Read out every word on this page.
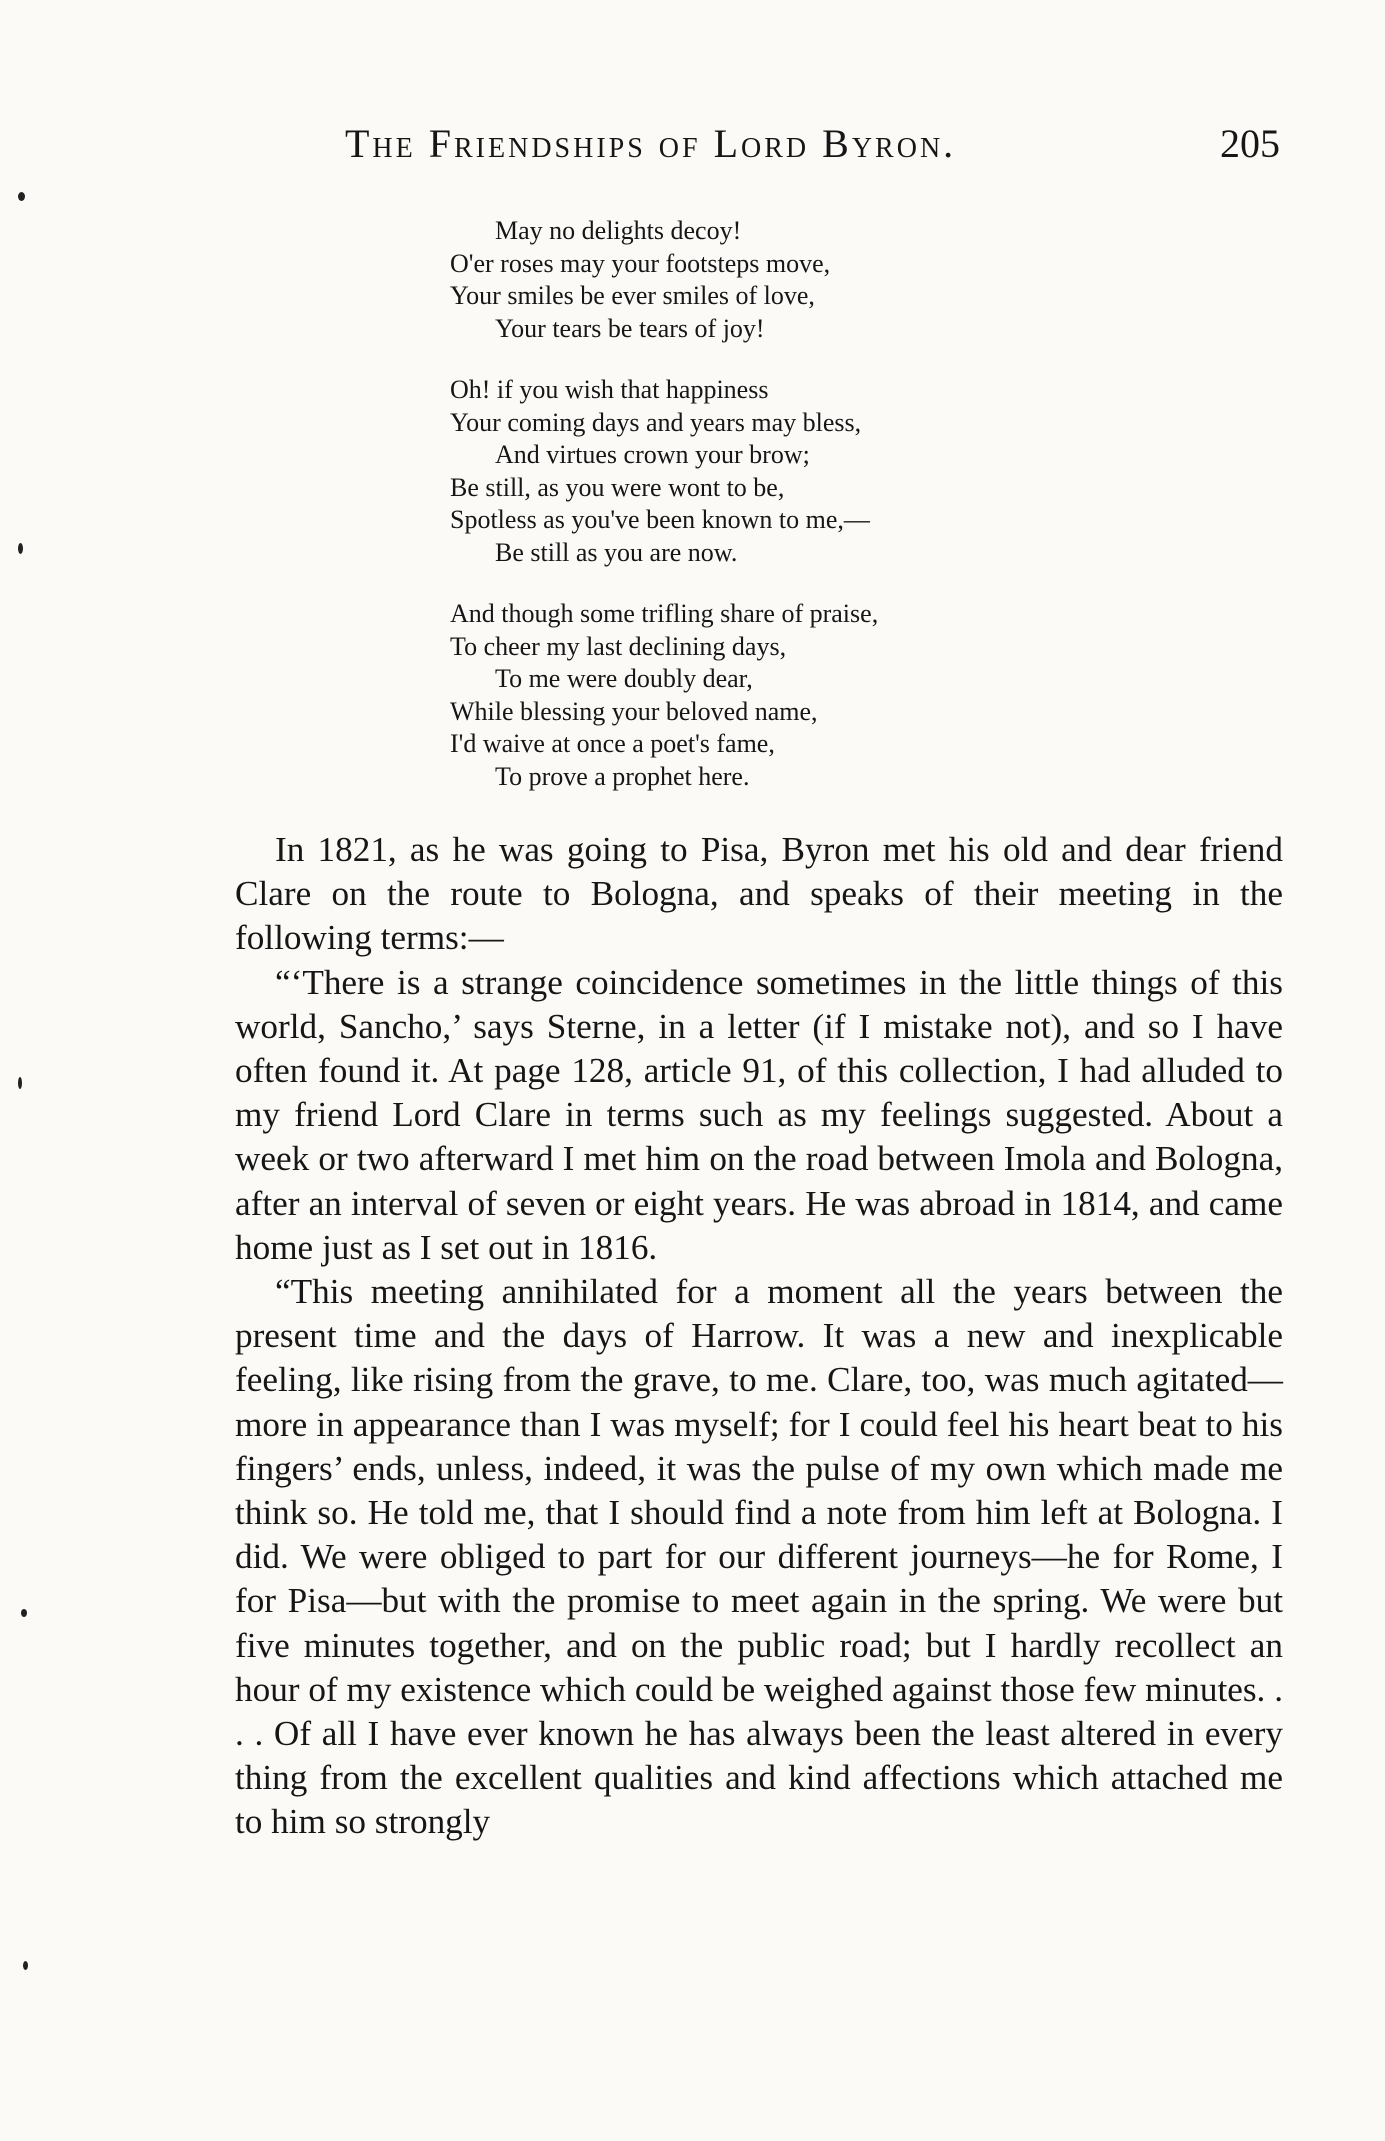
The Friendships of Lord Byron.	205
May no delights decoy!
O'er roses may your footsteps move,
Your smiles be ever smiles of love,
Your tears be tears of joy!
Oh! if you wish that happiness
Your coming days and years may bless,
And virtues crown your brow;
Be still, as you were wont to be,
Spotless as you've been known to me,—
Be still as you are now.
And though some trifling share of praise,
To cheer my last declining days,
To me were doubly dear,
While blessing your beloved name,
I'd waive at once a poet's fame,
To prove a prophet here.

In 1821, as he was going to Pisa, Byron met his old and dear friend Clare on the route to Bologna, and speaks of their meeting in the following terms:—

“‘There is a strange coincidence sometimes in the little things of this world, Sancho,’ says Sterne, in a letter (if I mistake not), and so I have often found it. At page 128, article 91, of this collection, I had alluded to my friend Lord Clare in terms such as my feelings suggested. About a week or two afterward I met him on the road between Imola and Bologna, after an interval of seven or eight years. He was abroad in 1814, and came home just as I set out in 1816.

“This meeting annihilated for a moment all the years between the present time and the days of Harrow. It was a new and inexplicable feeling, like rising from the grave, to me. Clare, too, was much agitated—more in appearance than I was myself; for I could feel his heart beat to his fingers’ ends, unless, indeed, it was the pulse of my own which made me think so. He told me, that I should find a note from him left at Bologna. I did. We were obliged to part for our different journeys—he for Rome, I for Pisa—but with the promise to meet again in the spring. We were but five minutes together, and on the public road; but I hardly recollect an hour of my existence which could be weighed against those few minutes. . . . Of all I have ever known he has always been the least altered in every thing from the excellent qualities and kind affections which attached me to him so strongly
